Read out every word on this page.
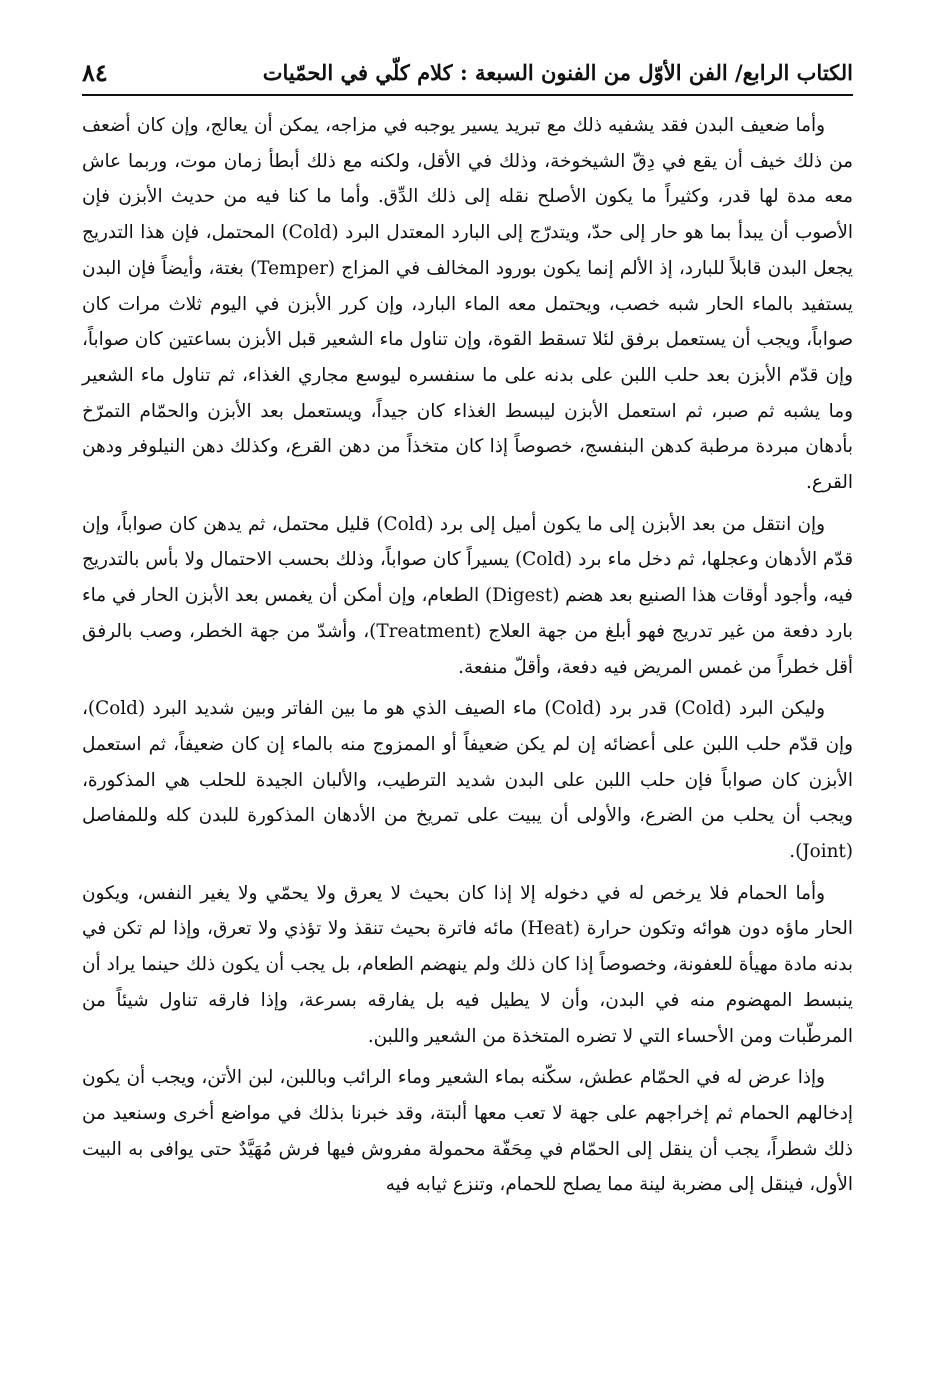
الكتاب الرابع/ الفن الأوّل من الفنون السبعة : كلام كلّي في الحمّيات
٨٤

وأما ضعيف البدن فقد يشفيه ذلك مع تبريد يسير يوجبه في مزاجه، يمكن أن يعالج، وإن كان أضعف من ذلك خيف أن يقع في دِقّ الشيخوخة، وذلك في الأقل، ولكنه مع ذلك أبطأ زمان موت، وربما عاش معه مدة لها قدر، وكثيراً ما يكون الأصلح نقله إلى ذلك الدِّق. وأما ما كنا فيه من حديث الأبزن فإن الأصوب أن يبدأ بما هو حار إلى حدّ، ويتدرّج إلى البارد المعتدل البرد (Cold) المحتمل، فإن هذا التدريج يجعل البدن قابلاً للبارد، إذ الألم إنما يكون بورود المخالف في المزاج (Temper) بغتة، وأيضاً فإن البدن يستفيد بالماء الحار شبه خصب، ويحتمل معه الماء البارد، وإن كرر الأبزن في اليوم ثلاث مرات كان صواباً، ويجب أن يستعمل برفق لئلا تسقط القوة، وإن تناول ماء الشعير قبل الأبزن بساعتين كان صواباً، وإن قدّم الأبزن بعد حلب اللبن على بدنه على ما سنفسره ليوسع مجاري الغذاء، ثم تناول ماء الشعير وما يشبه ثم صبر، ثم استعمل الأبزن ليبسط الغذاء كان جيداً، ويستعمل بعد الأبزن والحمّام التمرّخ بأدهان مبردة مرطبة كدهن البنفسج، خصوصاً إذا كان متخذاً من دهن القرع، وكذلك دهن النيلوفر ودهن القرع.

وإن انتقل من بعد الأبزن إلى ما يكون أميل إلى برد (Cold) قليل محتمل، ثم يدهن كان صواباً، وإن قدّم الأدهان وعجلها، ثم دخل ماء برد (Cold) يسيراً كان صواباً، وذلك بحسب الاحتمال ولا بأس بالتدريج فيه، وأجود أوقات هذا الصنيع بعد هضم (Digest) الطعام، وإن أمكن أن يغمس بعد الأبزن الحار في ماء بارد دفعة من غير تدريج فهو أبلغ من جهة العلاج (Treatment)، وأشدّ من جهة الخطر، وصب بالرفق أقل خطراً من غمس المريض فيه دفعة، وأقلّ منفعة.

وليكن البرد (Cold) قدر برد (Cold) ماء الصيف الذي هو ما بين الفاتر وبين شديد البرد (Cold)، وإن قدّم حلب اللبن على أعضائه إن لم يكن ضعيفاً أو الممزوج منه بالماء إن كان ضعيفاً، ثم استعمل الأبزن كان صواباً فإن حلب اللبن على البدن شديد الترطيب، والألبان الجيدة للحلب هي المذكورة، ويجب أن يحلب من الضرع، والأولى أن يبيت على تمريخ من الأدهان المذكورة للبدن كله وللمفاصل (Joint).

وأما الحمام فلا يرخص له في دخوله إلا إذا كان بحيث لا يعرق ولا يحمّي ولا يغير النفس، ويكون الحار ماؤه دون هوائه وتكون حرارة (Heat) مائه فاترة بحيث تنقذ ولا تؤذي ولا تعرق، وإذا لم تكن في بدنه مادة مهيأة للعفونة، وخصوصاً إذا كان ذلك ولم ينهضم الطعام، بل يجب أن يكون ذلك حينما يراد أن ينبسط المهضوم منه في البدن، وأن لا يطيل فيه بل يفارقه بسرعة، وإذا فارقه تناول شيئاً من المرطّبات ومن الأحساء التي لا تضره المتخذة من الشعير واللبن.

وإذا عرض له في الحمّام عطش، سكّنه بماء الشعير وماء الرائب وباللبن، لبن الأتن، ويجب أن يكون إدخالهم الحمام ثم إخراجهم على جهة لا تعب معها ألبتة، وقد خبرنا بذلك في مواضع أخرى وسنعيد من ذلك شطراً، يجب أن ينقل إلى الحمّام في مِحَفّة محمولة مفروش فيها فرش مُهَيَّدٌ حتى يوافى به البيت الأول، فينقل إلى مضربة لينة مما يصلح للحمام، وتنزع ثيابه فيه
